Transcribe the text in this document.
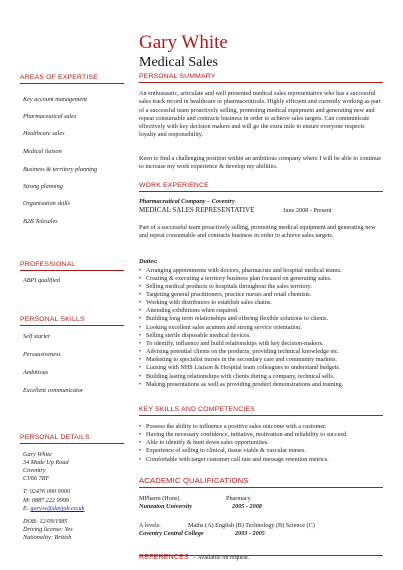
Gary White
Medical Sales
AREAS OF EXPERTISE
Key account management
Pharmaceutical sales
Healthcare sales
Medical liaison
Business & territory planning
Strong planning
Organisation skills
B2B Telesales
PROFESSIONAL
ABPI qualified
PERSONAL SKILLS
Self starter
Persuasiveness
Ambitious
Excellent communicator
PERSONAL DETAILS
Gary White
34 Made Up Road
Coventry
CV66 7RF
T: 02476 000 0000
M: 0887 222 9999
E: gary.w@dayjob.co.uk
DOB: 12/09/1985
Driving license: Yes
Nationality: British
PERSONAL SUMMARY
An enthusiastic, articulate and well presented medical sales representative who has a successful sales track record in healthcare or pharmaceuticals. Highly efficient and currently working as part of a successful team proactively selling, promoting medical equipment and generating new and repeat consumable and contracts business in order to achieve sales targets. Can communicate effectively with key decision makers and will go the extra mile to ensure everyone respects loyalty and responsibility.
Keen to find a challenging position within an ambitious company where I will be able to continue to increase my work experience & develop my abilities.
WORK EXPERIENCE
Pharmaceutical Company – Coventry
MEDICAL SALES REPRESENTATIVE	June 2008 - Present
Part of a successful team proactively selling, promoting medical equipment and generating new and repeat consumable and contracts business in order to achieve sales targets.
Duties:
• Arranging appointments with doctors, pharmacists and hospital medical teams.
• Creating & executing a territory business plan focused on generating sales.
• Selling medical products to hospitals throughout the sales territory.
• Targeting general practitioners, practice nurses and retail chemists.
• Working with distributors to establish sales chains.
• Attending exhibitions when required.
• Building long term relationships and offering flexible solutions to clients.
• Looking excellent sales acumen and strong service orientation.
• Selling sterile disposable medical devices.
• To identify, influence and build relationships with key decision-makers.
• Advising potential clients on the products, providing technical knowledge etc.
• Marketing to specialist nurses in the secondary care and community markets.
• Liaising with NHS Liaison & Hospital team colleagues to understand budgets.
• Building lasting relationships with clients during a company, technical sells.
• Making presentations as well as providing product demonstrations and training.
KEY SKILLS AND COMPETENCIES
• Possess the ability to influence a positive sales outcome with a customer.
• Having the necessary confidence, initiative, motivation and reliability to succeed.
• Able to identify & hunt down sales opportunities.
• Experience of selling to clinical, tissue viable & vascular nurses.
• Comfortable with target customer call rate and message retention metrics.
ACADEMIC QUALIFICATIONS
MPharm (Hons)	Pharmacy
Nuneaton University	2005 - 2008
A levels:	Maths (A) English (B) Technology (B) Science (C)
Coventry Central College	2003 - 2005
REFERENCES – Available on request.
